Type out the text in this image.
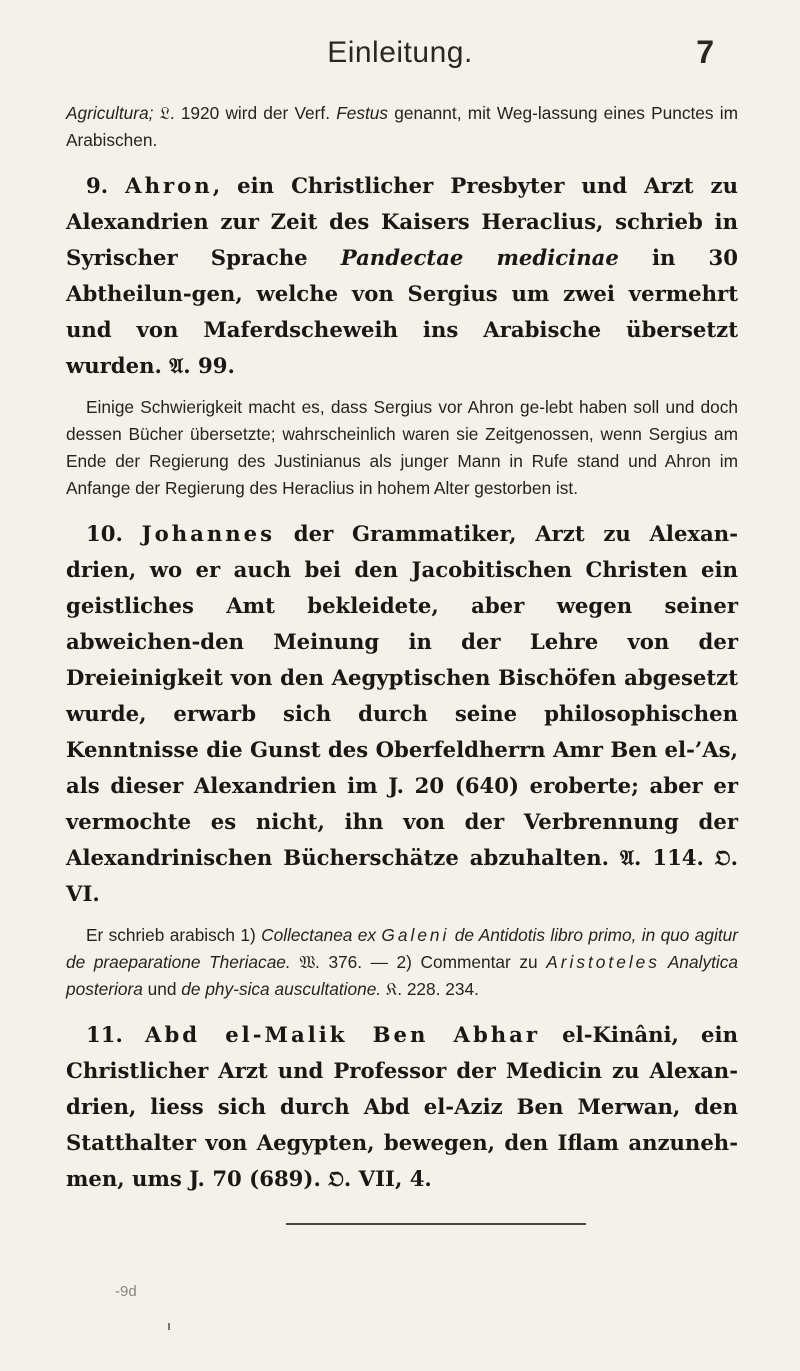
Einleitung.	7

Agricultura; 𝔏. 1920 wird der Verf. Festus genannt, mit Weg-lassung eines Punctes im Arabischen.

9. Ahron, ein Christlicher Presbyter und Arzt zu Alexandrien zur Zeit des Kaisers Heraclius, schrieb in Syrischer Sprache Pandectae medicinae in 30 Abtheilun-gen, welche von Sergius um zwei vermehrt und von Maferdscheweih ins Arabische übersetzt wurden. 𝔄. 99.

Einige Schwierigkeit macht es, dass Sergius vor Ahron ge-lebt haben soll und doch dessen Bücher übersetzte; wahrscheinlich waren sie Zeitgenossen, wenn Sergius am Ende der Regierung des Justinianus als junger Mann in Rufe stand und Ahron im Anfange der Regierung des Heraclius in hohem Alter gestorben ist.

10. Johannes der Grammatiker, Arzt zu Alexan-drien, wo er auch bei den Jacobitischen Christen ein geistliches Amt bekleidete, aber wegen seiner abweichen-den Meinung in der Lehre von der Dreieinigkeit von den Aegyptischen Bischöfen abgesetzt wurde, erwarb sich durch seine philosophischen Kenntnisse die Gunst des Oberfeldherrn Amr Ben el-’As, als dieser Alexandrien im J. 20 (640) eroberte; aber er vermochte es nicht, ihn von der Verbrennung der Alexandrinischen Bücherschätze abzuhalten. 𝔄. 114. 𝔒. VI.

Er schrieb arabisch 1) Collectanea ex Galeni de Antidotis libro primo, in quo agitur de praeparatione Theriacae. 𝔚. 376. — 2) Commentar zu Aristoteles Analytica posteriora und de phy-sica auscultatione. 𝔎. 228. 234.

11. Abd el-Malik Ben Abhar el-Kinâni, ein Christlicher Arzt und Professor der Medicin zu Alexan-drien, liess sich durch Abd el-Aziz Ben Merwan, den Statthalter von Aegypten, bewegen, den Iflam anzuneh-men, ums J. 70 (689). 𝔒. VII, 4.

-9d
